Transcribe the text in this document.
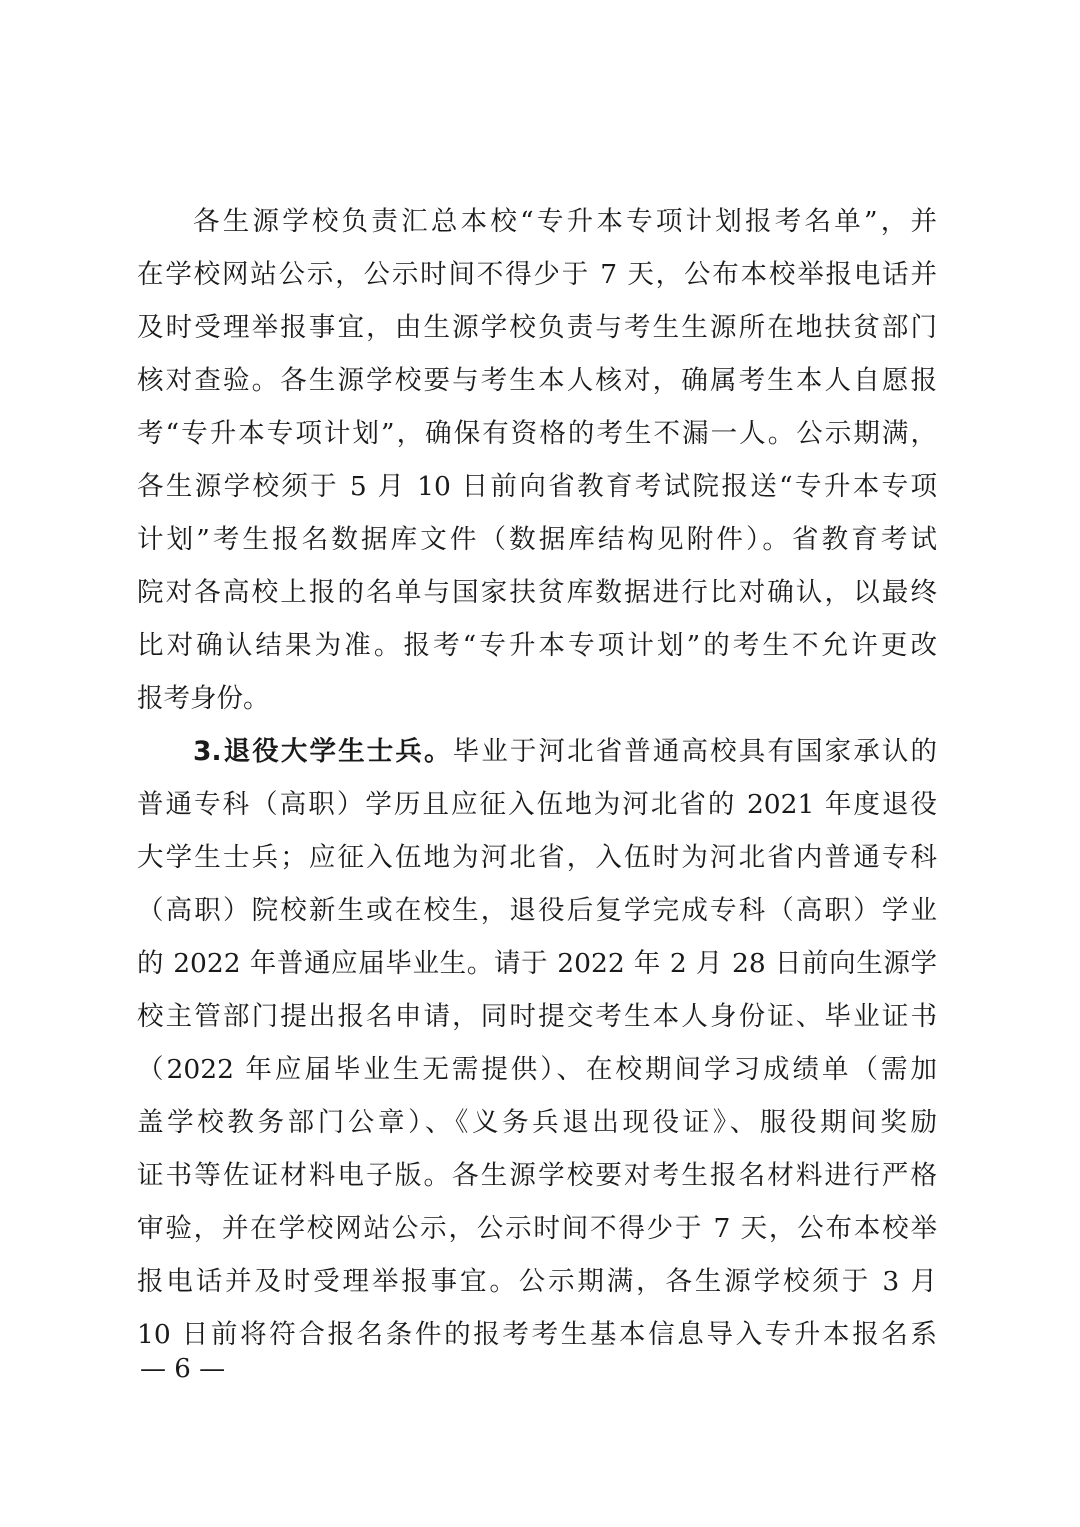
各生源学校负责汇总本校“专升本专项计划报考名单”，并
在学校网站公示，公示时间不得少于 7 天，公布本校举报电话并
及时受理举报事宜，由生源学校负责与考生生源所在地扶贫部门
核对查验。各生源学校要与考生本人核对，确属考生本人自愿报
考“专升本专项计划”，确保有资格的考生不漏一人。公示期满，
各生源学校须于 5 月 10 日前向省教育考试院报送“专升本专项
计划”考生报名数据库文件（数据库结构见附件）。省教育考试
院对各高校上报的名单与国家扶贫库数据进行比对确认，以最终
比对确认结果为准。报考“专升本专项计划”的考生不允许更改
报考身份。
3.退役大学生士兵。毕业于河北省普通高校具有国家承认的
普通专科（高职）学历且应征入伍地为河北省的 2021 年度退役
大学生士兵；应征入伍地为河北省，入伍时为河北省内普通专科
（高职）院校新生或在校生，退役后复学完成专科（高职）学业
的 2022 年普通应届毕业生。请于 2022 年 2 月 28 日前向生源学
校主管部门提出报名申请，同时提交考生本人身份证、毕业证书
（2022 年应届毕业生无需提供）、在校期间学习成绩单（需加
盖学校教务部门公章）、《义务兵退出现役证》、服役期间奖励
证书等佐证材料电子版。各生源学校要对考生报名材料进行严格
审验，并在学校网站公示，公示时间不得少于 7 天，公布本校举
报电话并及时受理举报事宜。公示期满，各生源学校须于 3 月
10 日前将符合报名条件的报考考生基本信息导入专升本报名系
— 6 —
